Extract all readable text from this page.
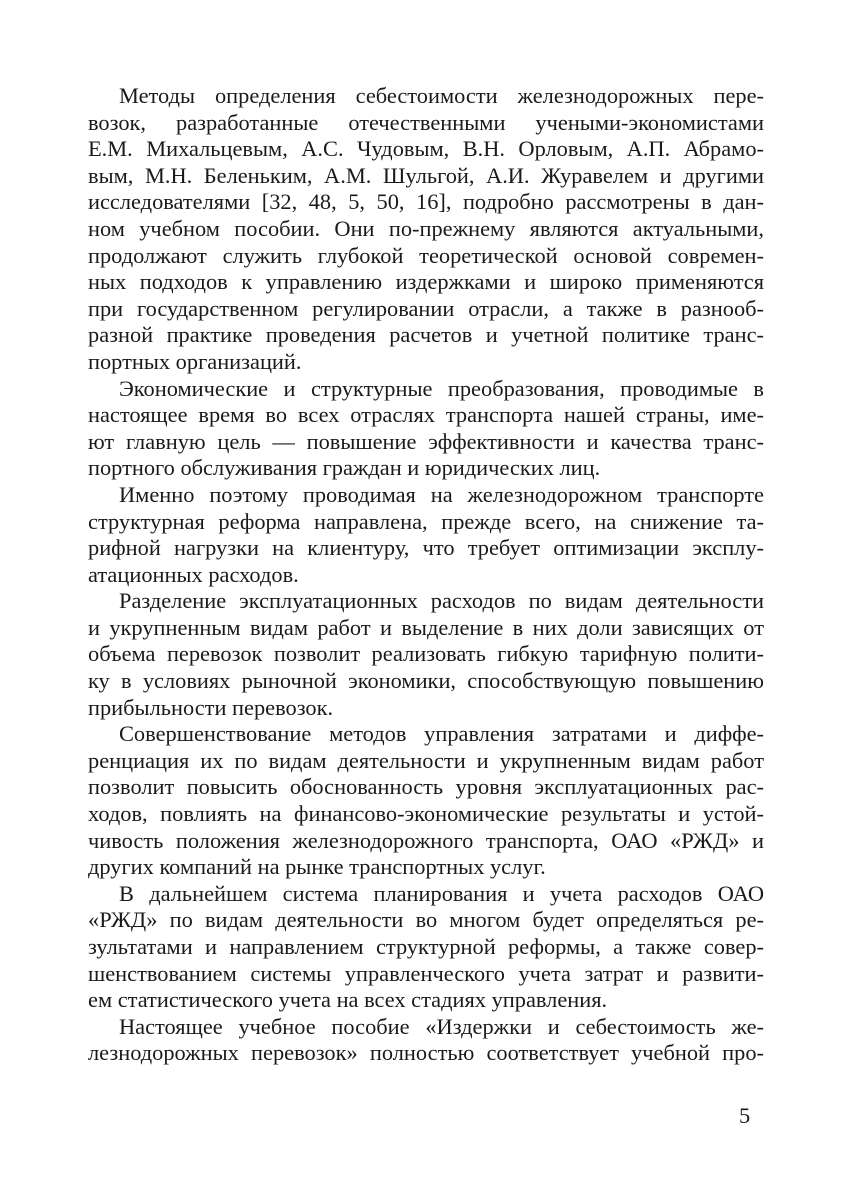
Методы определения себестоимости железнодорожных пере-
возок, разработанные отечественными учеными-экономистами
Е.М. Михальцевым, А.С. Чудовым, В.Н. Орловым, А.П. Абрамо-
вым, М.Н. Беленьким, А.М. Шульгой, А.И. Журавелем и другими
исследователями [32, 48, 5, 50, 16], подробно рассмотрены в дан-
ном учебном пособии. Они по-прежнему являются актуальными,
продолжают служить глубокой теоретической основой современ-
ных подходов к управлению издержками и широко применяются
при государственном регулировании отрасли, а также в разнооб-
разной практике проведения расчетов и учетной политике транс-
портных организаций.
Экономические и структурные преобразования, проводимые в
настоящее время во всех отраслях транспорта нашей страны, име-
ют главную цель — повышение эффективности и качества транс-
портного обслуживания граждан и юридических лиц.
Именно поэтому проводимая на железнодорожном транспорте
структурная реформа направлена, прежде всего, на снижение та-
рифной нагрузки на клиентуру, что требует оптимизации эксплу-
атационных расходов.
Разделение эксплуатационных расходов по видам деятельности
и укрупненным видам работ и выделение в них доли зависящих от
объема перевозок позволит реализовать гибкую тарифную полити-
ку в условиях рыночной экономики, способствующую повышению
прибыльности перевозок.
Совершенствование методов управления затратами и диффе-
ренциация их по видам деятельности и укрупненным видам работ
позволит повысить обоснованность уровня эксплуатационных рас-
ходов, повлиять на финансово-экономические результаты и устой-
чивость положения железнодорожного транспорта, ОАО «РЖД» и
других компаний на рынке транспортных услуг.
В дальнейшем система планирования и учета расходов ОАО
«РЖД» по видам деятельности во многом будет определяться ре-
зультатами и направлением структурной реформы, а также совер-
шенствованием системы управленческого учета затрат и развити-
ем статистического учета на всех стадиях управления.
Настоящее учебное пособие «Издержки и себестоимость же-
лезнодорожных перевозок» полностью соответствует учебной про-
5
